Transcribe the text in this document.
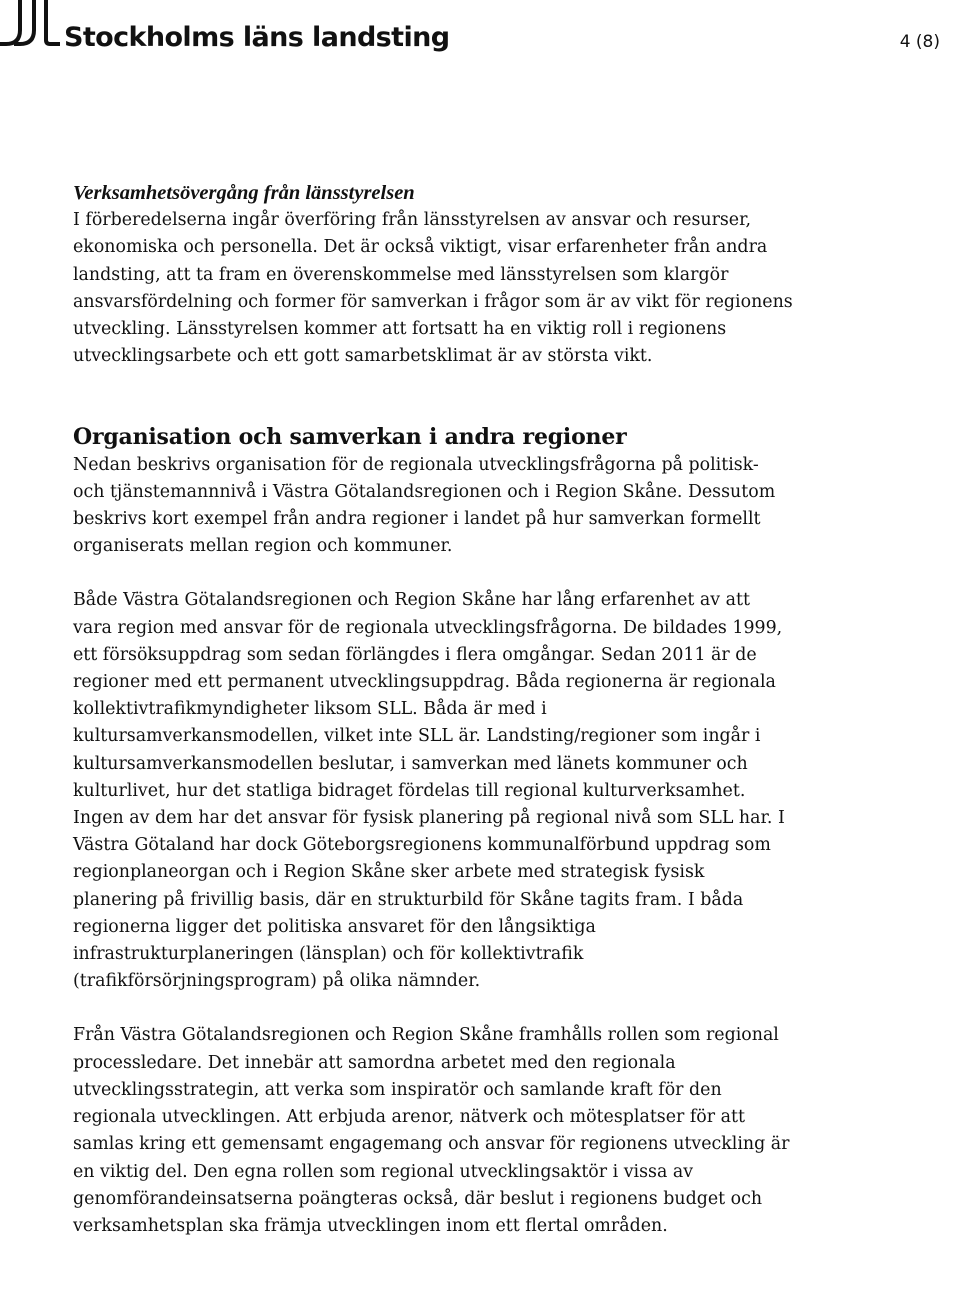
Stockholms läns landsting	4 (8)
Verksamhetsövergång från länsstyrelsen

I förberedelserna ingår överföring från länsstyrelsen av ansvar och resurser, ekonomiska och personella. Det är också viktigt, visar erfarenheter från andra landsting, att ta fram en överenskommelse med länsstyrelsen som klargör ansvarsfördelning och former för samverkan i frågor som är av vikt för regionens utveckling. Länsstyrelsen kommer att fortsatt ha en viktig roll i regionens utvecklingsarbete och ett gott samarbetsklimat är av största vikt.

Organisation och samverkan i andra regioner

Nedan beskrivs organisation för de regionala utvecklingsfrågorna på politisk- och tjänstemannnivå i Västra Götalandsregionen och i Region Skåne. Dessutom beskrivs kort exempel från andra regioner i landet på hur samverkan formellt organiserats mellan region och kommuner.

Både Västra Götalandsregionen och Region Skåne har lång erfarenhet av att vara region med ansvar för de regionala utvecklingsfrågorna. De bildades 1999, ett försöksuppdrag som sedan förlängdes i flera omgångar. Sedan 2011 är de regioner med ett permanent utvecklingsuppdrag. Båda regionerna är regionala kollektivtrafikmyndigheter liksom SLL. Båda är med i kultursamverkansmodellen, vilket inte SLL är. Landsting/regioner som ingår i kultursamverkansmodellen beslutar, i samverkan med länets kommuner och kulturlivet, hur det statliga bidraget fördelas till regional kulturverksamhet. Ingen av dem har det ansvar för fysisk planering på regional nivå som SLL har. I Västra Götaland har dock Göteborgsregionens kommunalförbund uppdrag som regionplaneorgan och i Region Skåne sker arbete med strategisk fysisk planering på frivillig basis, där en strukturbild för Skåne tagits fram. I båda regionerna ligger det politiska ansvaret för den långsiktiga infrastrukturplaneringen (länsplan) och för kollektivtrafik (trafikförsörjningsprogram) på olika nämnder.

Från Västra Götalandsregionen och Region Skåne framhålls rollen som regional processledare. Det innebär att samordna arbetet med den regionala utvecklingsstrategin, att verka som inspiratör och samlande kraft för den regionala utvecklingen. Att erbjuda arenor, nätverk och mötesplatser för att samlas kring ett gemensamt engagemang och ansvar för regionens utveckling är en viktig del. Den egna rollen som regional utvecklingsaktör i vissa av genomförandeinsatserna poängteras också, där beslut i regionens budget och verksamhetsplan ska främja utvecklingen inom ett flertal områden.
